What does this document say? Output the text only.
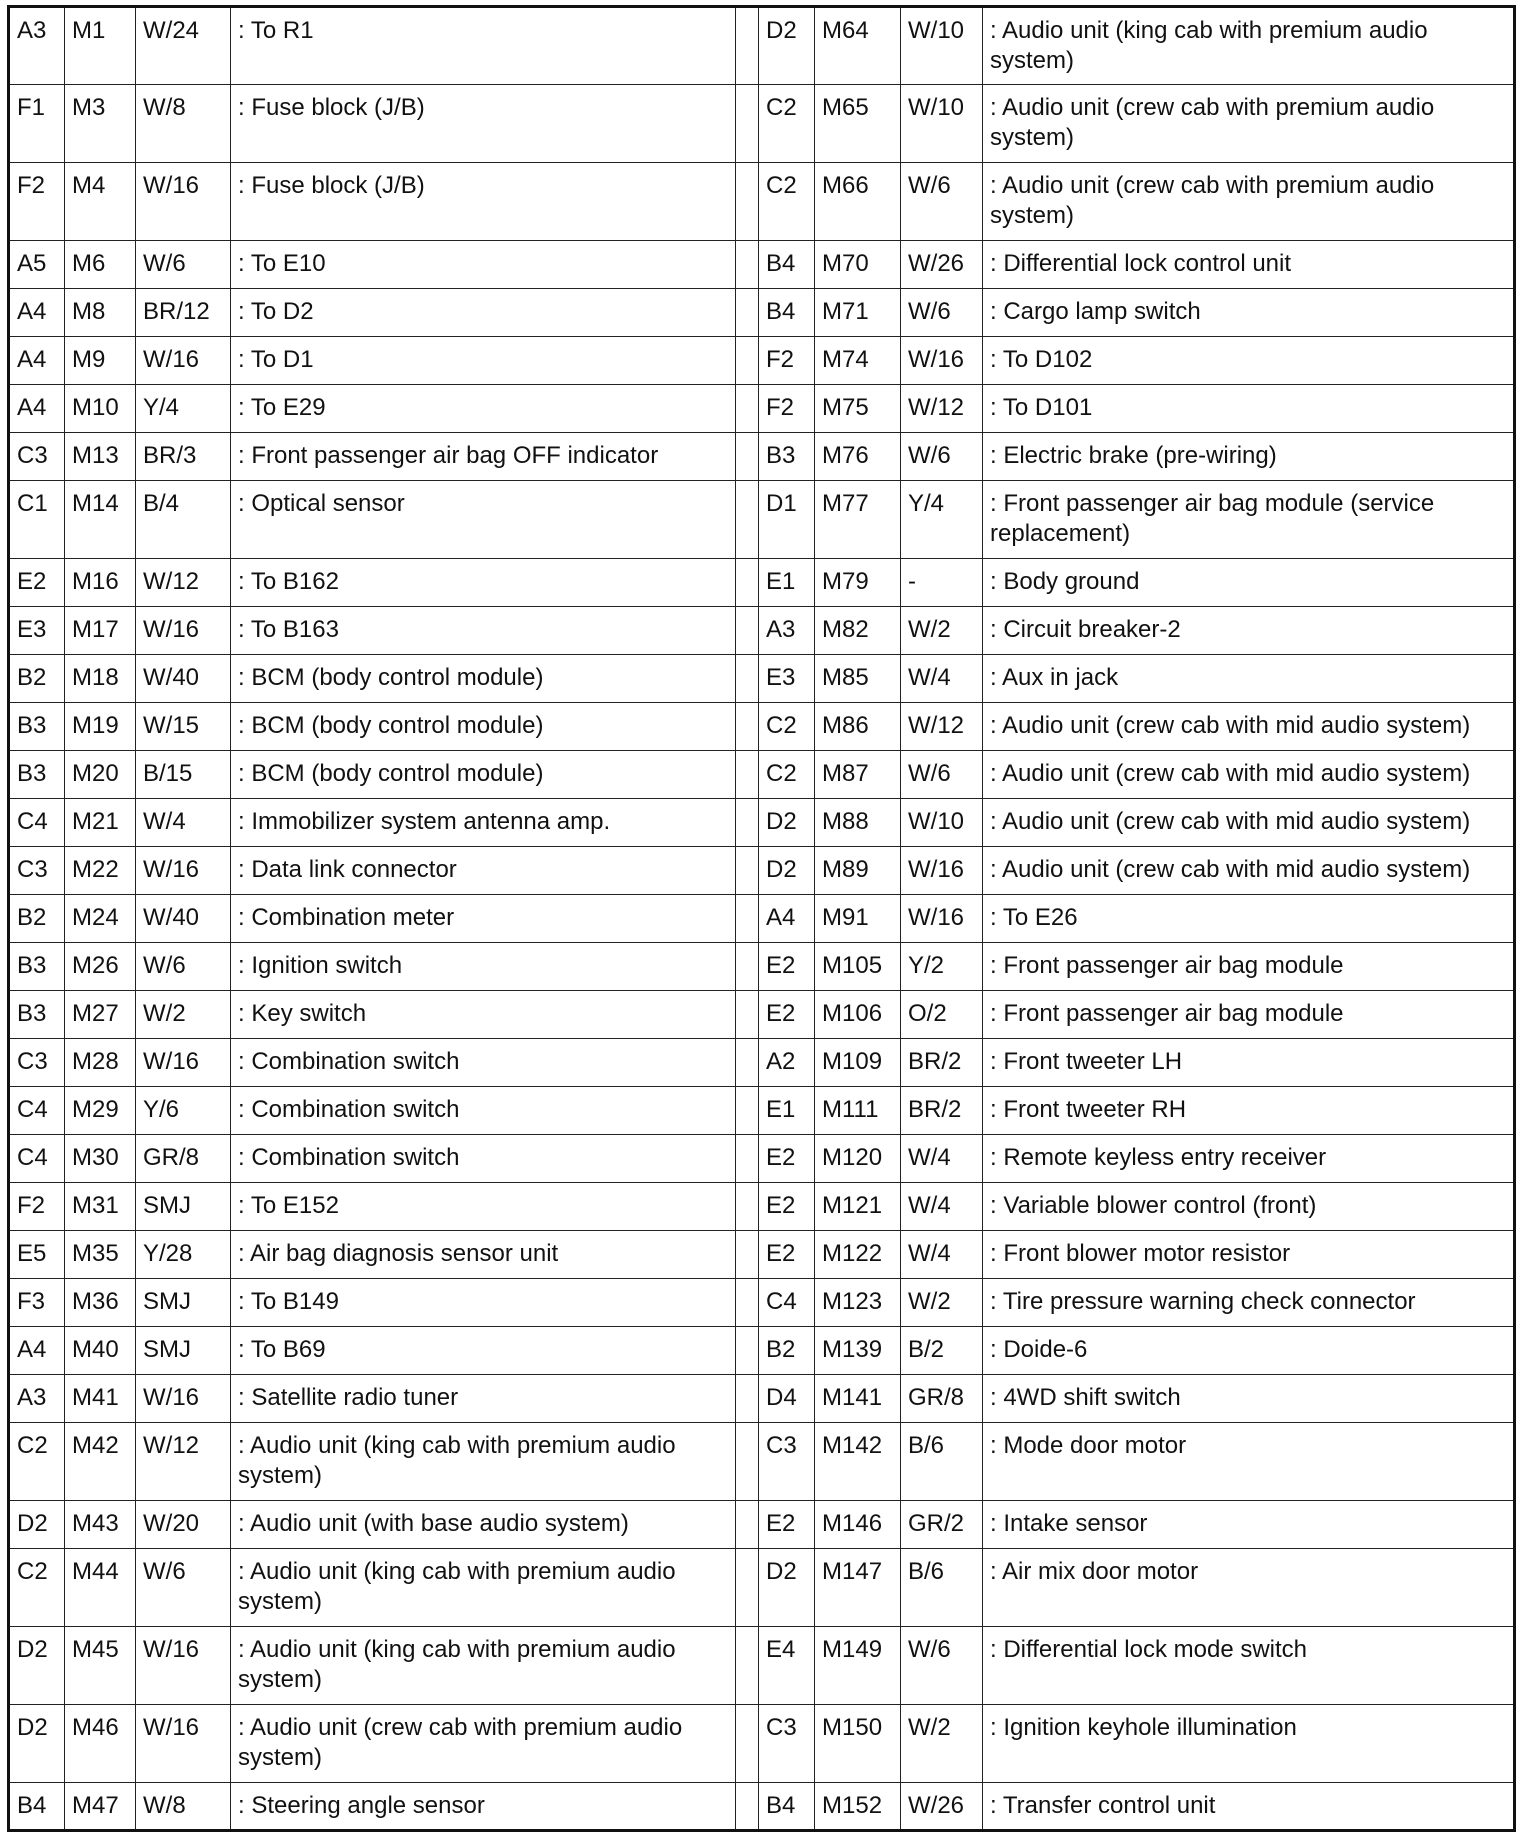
A3	M1	W/24	: To R1		D2	M64	W/10	: Audio unit (king cab with premium audio system)
F1	M3	W/8	: Fuse block (J/B)		C2	M65	W/10	: Audio unit (crew cab with premium audio system)
F2	M4	W/16	: Fuse block (J/B)		C2	M66	W/6	: Audio unit (crew cab with premium audio system)
A5	M6	W/6	: To E10		B4	M70	W/26	: Differential lock control unit
A4	M8	BR/12	: To D2		B4	M71	W/6	: Cargo lamp switch
A4	M9	W/16	: To D1		F2	M74	W/16	: To D102
A4	M10	Y/4	: To E29		F2	M75	W/12	: To D101
C3	M13	BR/3	: Front passenger air bag OFF indicator		B3	M76	W/6	: Electric brake (pre-wiring)
C1	M14	B/4	: Optical sensor		D1	M77	Y/4	: Front passenger air bag module (service replacement)
E2	M16	W/12	: To B162		E1	M79	-	: Body ground
E3	M17	W/16	: To B163		A3	M82	W/2	: Circuit breaker-2
B2	M18	W/40	: BCM (body control module)		E3	M85	W/4	: Aux in jack
B3	M19	W/15	: BCM (body control module)		C2	M86	W/12	: Audio unit (crew cab with mid audio system)
B3	M20	B/15	: BCM (body control module)		C2	M87	W/6	: Audio unit (crew cab with mid audio system)
C4	M21	W/4	: Immobilizer system antenna amp.		D2	M88	W/10	: Audio unit (crew cab with mid audio system)
C3	M22	W/16	: Data link connector		D2	M89	W/16	: Audio unit (crew cab with mid audio system)
B2	M24	W/40	: Combination meter		A4	M91	W/16	: To E26
B3	M26	W/6	: Ignition switch		E2	M105	Y/2	: Front passenger air bag module
B3	M27	W/2	: Key switch		E2	M106	O/2	: Front passenger air bag module
C3	M28	W/16	: Combination switch		A2	M109	BR/2	: Front tweeter LH
C4	M29	Y/6	: Combination switch		E1	M111	BR/2	: Front tweeter RH
C4	M30	GR/8	: Combination switch		E2	M120	W/4	: Remote keyless entry receiver
F2	M31	SMJ	: To E152		E2	M121	W/4	: Variable blower control (front)
E5	M35	Y/28	: Air bag diagnosis sensor unit		E2	M122	W/4	: Front blower motor resistor
F3	M36	SMJ	: To B149		C4	M123	W/2	: Tire pressure warning check connector
A4	M40	SMJ	: To B69		B2	M139	B/2	: Doide-6
A3	M41	W/16	: Satellite radio tuner		D4	M141	GR/8	: 4WD shift switch
C2	M42	W/12	: Audio unit (king cab with premium audio system)		C3	M142	B/6	: Mode door motor
D2	M43	W/20	: Audio unit (with base audio system)		E2	M146	GR/2	: Intake sensor
C2	M44	W/6	: Audio unit (king cab with premium audio system)		D2	M147	B/6	: Air mix door motor
D2	M45	W/16	: Audio unit (king cab with premium audio system)		E4	M149	W/6	: Differential lock mode switch
D2	M46	W/16	: Audio unit (crew cab with premium audio system)		C3	M150	W/2	: Ignition keyhole illumination
B4	M47	W/8	: Steering angle sensor		B4	M152	W/26	: Transfer control unit
